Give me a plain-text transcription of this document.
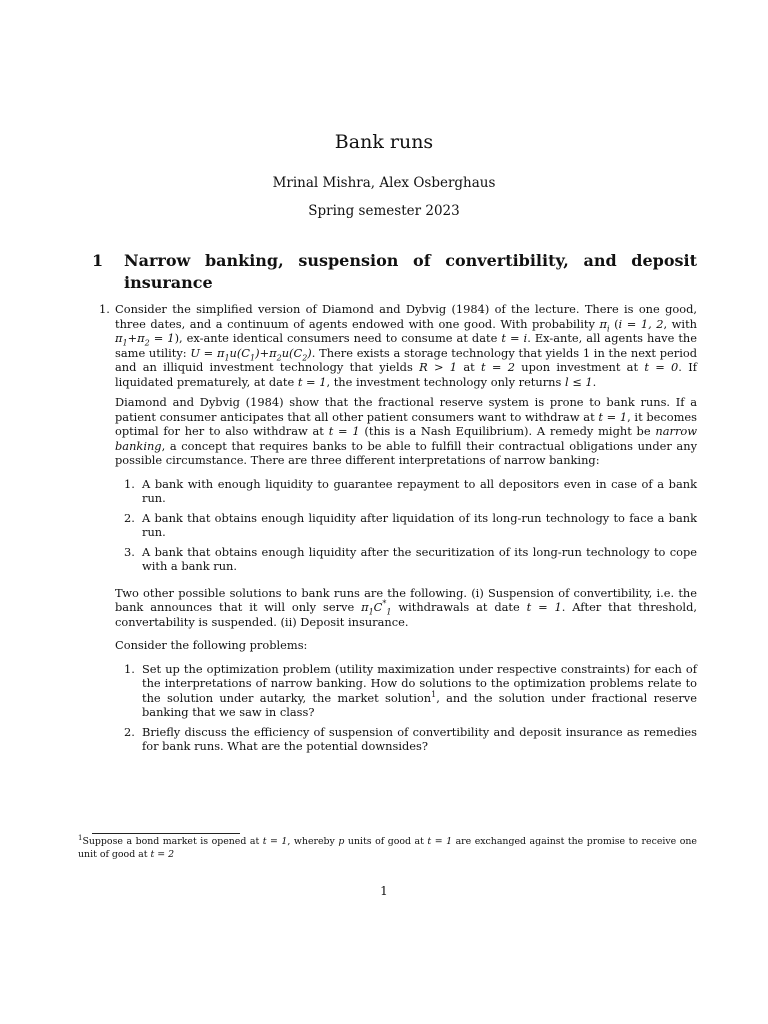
Bank runs
Mrinal Mishra, Alex Osberghaus
Spring semester 2023
1 Narrow banking, suspension of convertibility, and deposit insurance
1. Consider the simplified version of Diamond and Dybvig (1984) of the lecture. There is one good, three dates, and a continuum of agents endowed with one good. With probability $\pi_i$ (i = 1, 2, with $\pi_1+\pi_2 = 1$), ex-ante identical consumers need to consume at date t = i. Ex-ante, all agents have the same utility: $U = \pi_1u(C_1)+\pi_2u(C_2)$. There exists a storage technology that yields 1 in the next period and an illiquid investment technology that yields R > 1 at t = 2 upon investment at t = 0. If liquidated prematurely, at date t = 1, the investment technology only returns l ≤ 1.

Diamond and Dybvig (1984) show that the fractional reserve system is prone to bank runs. If a patient consumer anticipates that all other patient consumers want to withdraw at t = 1, it becomes optimal for her to also withdraw at t = 1 (this is a Nash Equilibrium). A remedy might be narrow banking, a concept that requires banks to be able to fulfill their contractual obligations under any possible circumstance. There are three different interpretations of narrow banking:

1. A bank with enough liquidity to guarantee repayment to all depositors even in case of a bank run.
2. A bank that obtains enough liquidity after liquidation of its long-run technology to face a bank run.
3. A bank that obtains enough liquidity after the securitization of its long-run technology to cope with a bank run.

Two other possible solutions to bank runs are the following. (i) Suspension of convertibility, i.e. the bank announces that it will only serve $\pi_1C^*_1$ withdrawals at date t = 1. After that threshold, convertability is suspended. (ii) Deposit insurance.

Consider the following problems:

1. Set up the optimization problem (utility maximization under respective constraints) for each of the interpretations of narrow banking. How do solutions to the optimization problems relate to the solution under autarky, the market solution$^1$, and the solution under fractional reserve banking that we saw in class?
2. Briefly discuss the efficiency of suspension of convertibility and deposit insurance as remedies for bank runs. What are the potential downsides?
$^1$Suppose a bond market is opened at t = 1, whereby p units of good at t = 1 are exchanged against the promise to receive one unit of good at t = 2
1
